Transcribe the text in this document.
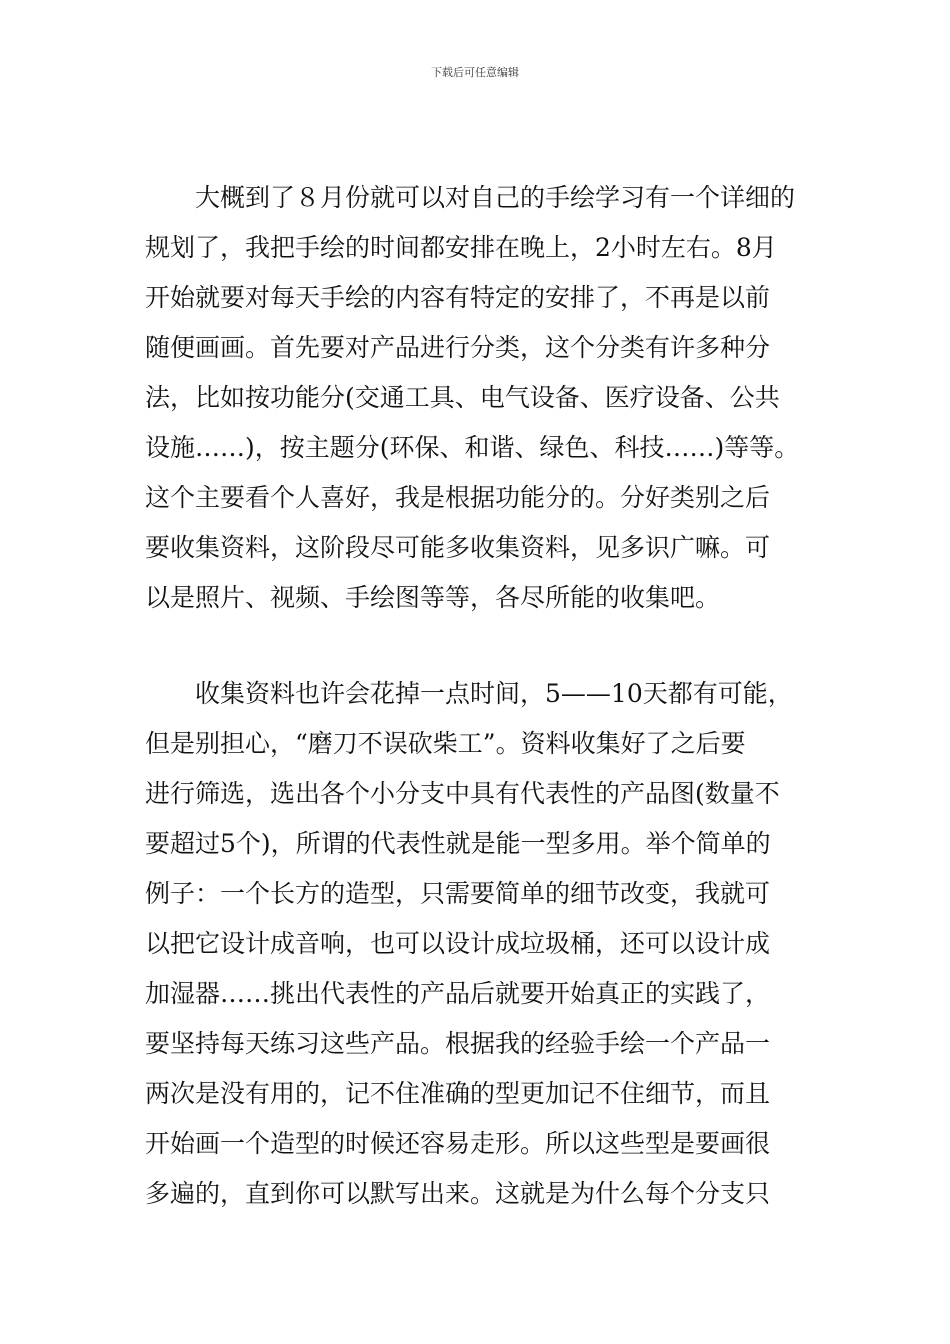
下载后可任意编辑
　　大概到了８月份就可以对自己的手绘学习有一个详细的
规划了，我把手绘的时间都安排在晚上，2小时左右。8月
开始就要对每天手绘的内容有特定的安排了，不再是以前
随便画画。首先要对产品进行分类，这个分类有许多种分
法，比如按功能分(交通工具、电气设备、医疗设备、公共
设施……)，按主题分(环保、和谐、绿色、科技……)等等。
这个主要看个人喜好，我是根据功能分的。分好类别之后
要收集资料，这阶段尽可能多收集资料，见多识广嘛。可
以是照片、视频、手绘图等等，各尽所能的收集吧。
　　收集资料也许会花掉一点时间，5——10天都有可能，
但是别担心，“磨刀不误砍柴工”。资料收集好了之后要
进行筛选，选出各个小分支中具有代表性的产品图(数量不
要超过5个)，所谓的代表性就是能一型多用。举个简单的
例子：一个长方的造型，只需要简单的细节改变，我就可
以把它设计成音响，也可以设计成垃圾桶，还可以设计成
加湿器……挑出代表性的产品后就要开始真正的实践了，
要坚持每天练习这些产品。根据我的经验手绘一个产品一
两次是没有用的，记不住准确的型更加记不住细节，而且
开始画一个造型的时候还容易走形。所以这些型是要画很
多遍的，直到你可以默写出来。这就是为什么每个分支只
